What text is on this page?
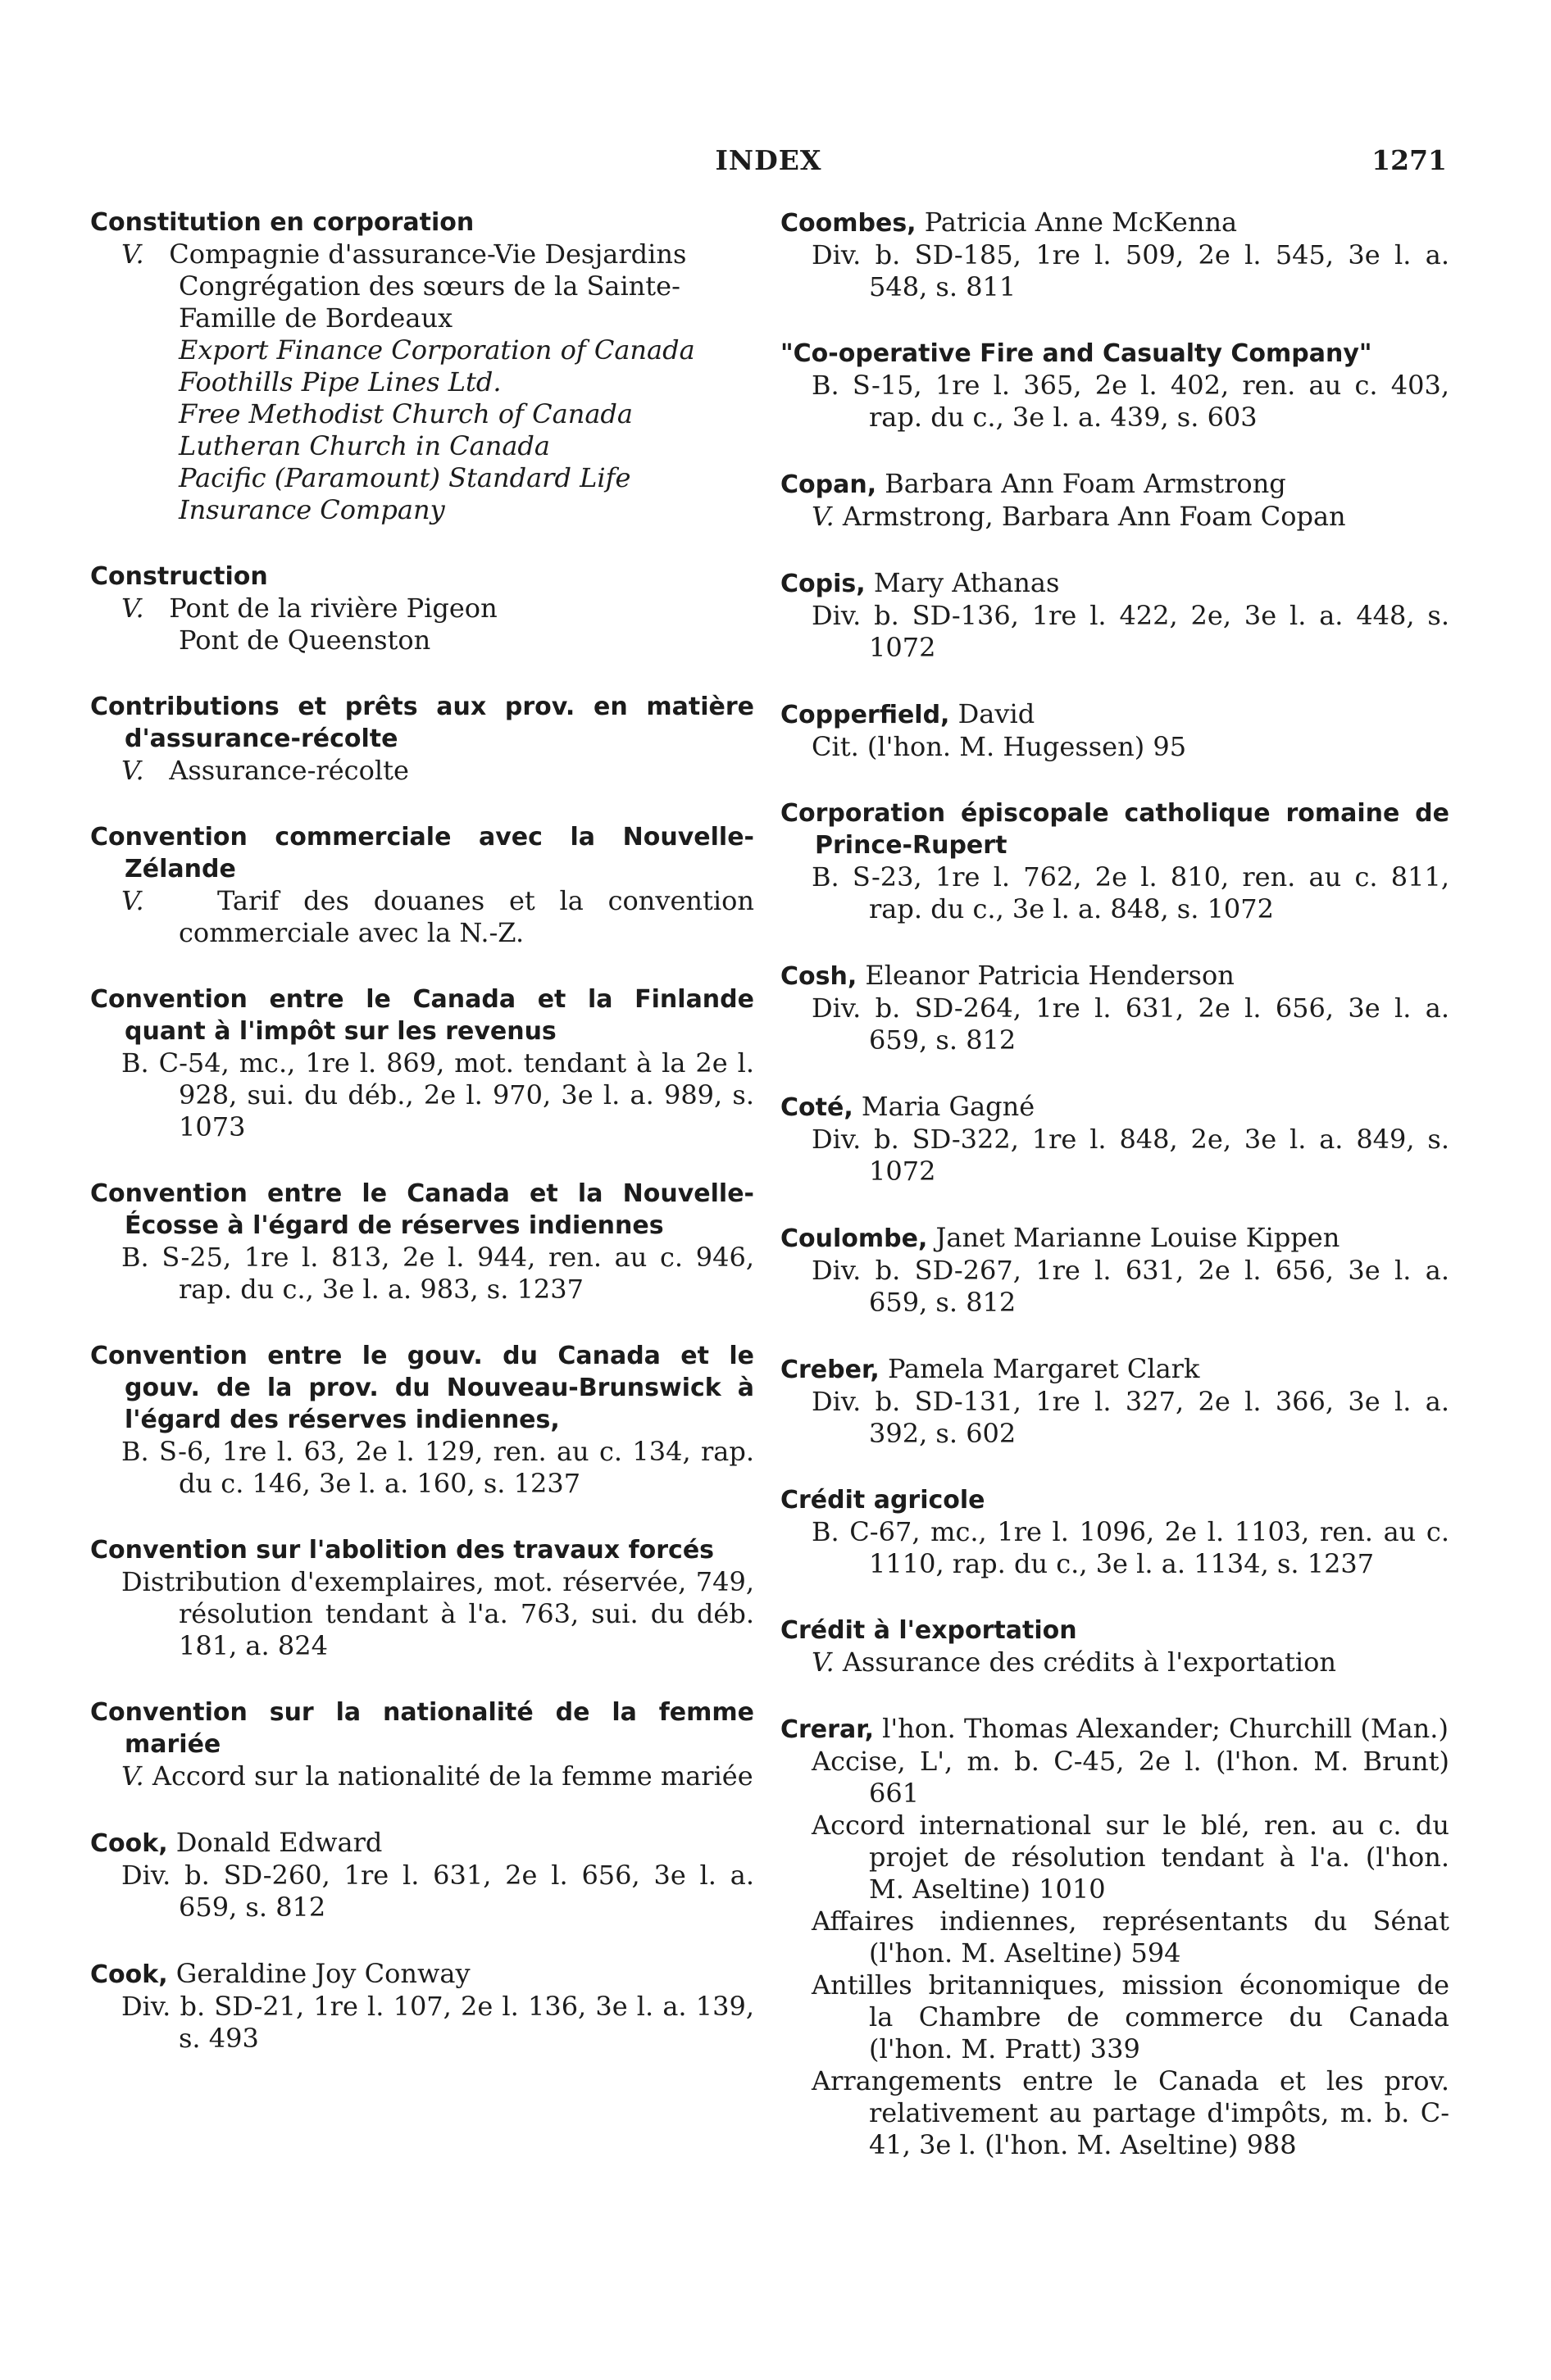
INDEX	1271
Constitution en corporation
V. Compagnie d'assurance-Vie Desjardins
Congrégation des sœurs de la Sainte-Famille de Bordeaux
Export Finance Corporation of Canada
Foothills Pipe Lines Ltd.
Free Methodist Church of Canada
Lutheran Church in Canada
Pacific (Paramount) Standard Life Insurance Company
Construction
V. Pont de la rivière Pigeon
Pont de Queenston
Contributions et prêts aux prov. en matière d'assurance-récolte
V. Assurance-récolte
Convention commerciale avec la Nouvelle-Zélande
V.	Tarif des douanes et la convention commerciale avec la N.-Z.
Convention entre le Canada et la Finlande quant à l'impôt sur les revenus
B. C-54, mc., 1re l. 869, mot. tendant à la 2e l. 928, sui. du déb., 2e l. 970, 3e l. a. 989, s. 1073
Convention entre le Canada et la Nouvelle-Écosse à l'égard de réserves indiennes
B. S-25, 1re l. 813, 2e l. 944, ren. au c. 946, rap. du c., 3e l. a. 983, s. 1237
Convention entre le gouv. du Canada et le gouv. de la prov. du Nouveau-Brunswick à l'égard des réserves indiennes,
B. S-6, 1re l. 63, 2e l. 129, ren. au c. 134, rap. du c. 146, 3e l. a. 160, s. 1237
Convention sur l'abolition des travaux forcés
Distribution d'exemplaires, mot. réservée, 749, résolution tendant à l'a. 763, sui. du déb. 181, a. 824
Convention sur la nationalité de la femme mariée
V. Accord sur la nationalité de la femme mariée
Cook, Donald Edward
Div. b. SD-260, 1re l. 631, 2e l. 656, 3e l. a. 659, s. 812
Cook, Geraldine Joy Conway
Div. b. SD-21, 1re l. 107, 2e l. 136, 3e l. a. 139, s. 493
Coombes, Patricia Anne McKenna
Div. b. SD-185, 1re l. 509, 2e l. 545, 3e l. a. 548, s. 811
"Co-operative Fire and Casualty Company"
B. S-15, 1re l. 365, 2e l. 402, ren. au c. 403, rap. du c., 3e l. a. 439, s. 603
Copan, Barbara Ann Foam Armstrong
V. Armstrong, Barbara Ann Foam Copan
Copis, Mary Athanas
Div. b. SD-136, 1re l. 422, 2e, 3e l. a. 448, s. 1072
Copperfield, David
Cit. (l'hon. M. Hugessen) 95
Corporation épiscopale catholique romaine de Prince-Rupert
B. S-23, 1re l. 762, 2e l. 810, ren. au c. 811, rap. du c., 3e l. a. 848, s. 1072
Cosh, Eleanor Patricia Henderson
Div. b. SD-264, 1re l. 631, 2e l. 656, 3e l. a. 659, s. 812
Coté, Maria Gagné
Div. b. SD-322, 1re l. 848, 2e, 3e l. a. 849, s. 1072
Coulombe, Janet Marianne Louise Kippen
Div. b. SD-267, 1re l. 631, 2e l. 656, 3e l. a. 659, s. 812
Creber, Pamela Margaret Clark
Div. b. SD-131, 1re l. 327, 2e l. 366, 3e l. a. 392, s. 602
Crédit agricole
B. C-67, mc., 1re l. 1096, 2e l. 1103, ren. au c. 1110, rap. du c., 3e l. a. 1134, s. 1237
Crédit à l'exportation
V. Assurance des crédits à l'exportation
Crerar, l'hon. Thomas Alexander; Churchill (Man.)
Accise, L', m. b. C-45, 2e l. (l'hon. M. Brunt) 661
Accord international sur le blé, ren. au c. du projet de résolution tendant à l'a. (l'hon. M. Aseltine) 1010
Affaires indiennes, représentants du Sénat (l'hon. M. Aseltine) 594
Antilles britanniques, mission économique de la Chambre de commerce du Canada (l'hon. M. Pratt) 339
Arrangements entre le Canada et les prov. relativement au partage d'impôts, m. b. C-41, 3e l. (l'hon. M. Aseltine) 988
